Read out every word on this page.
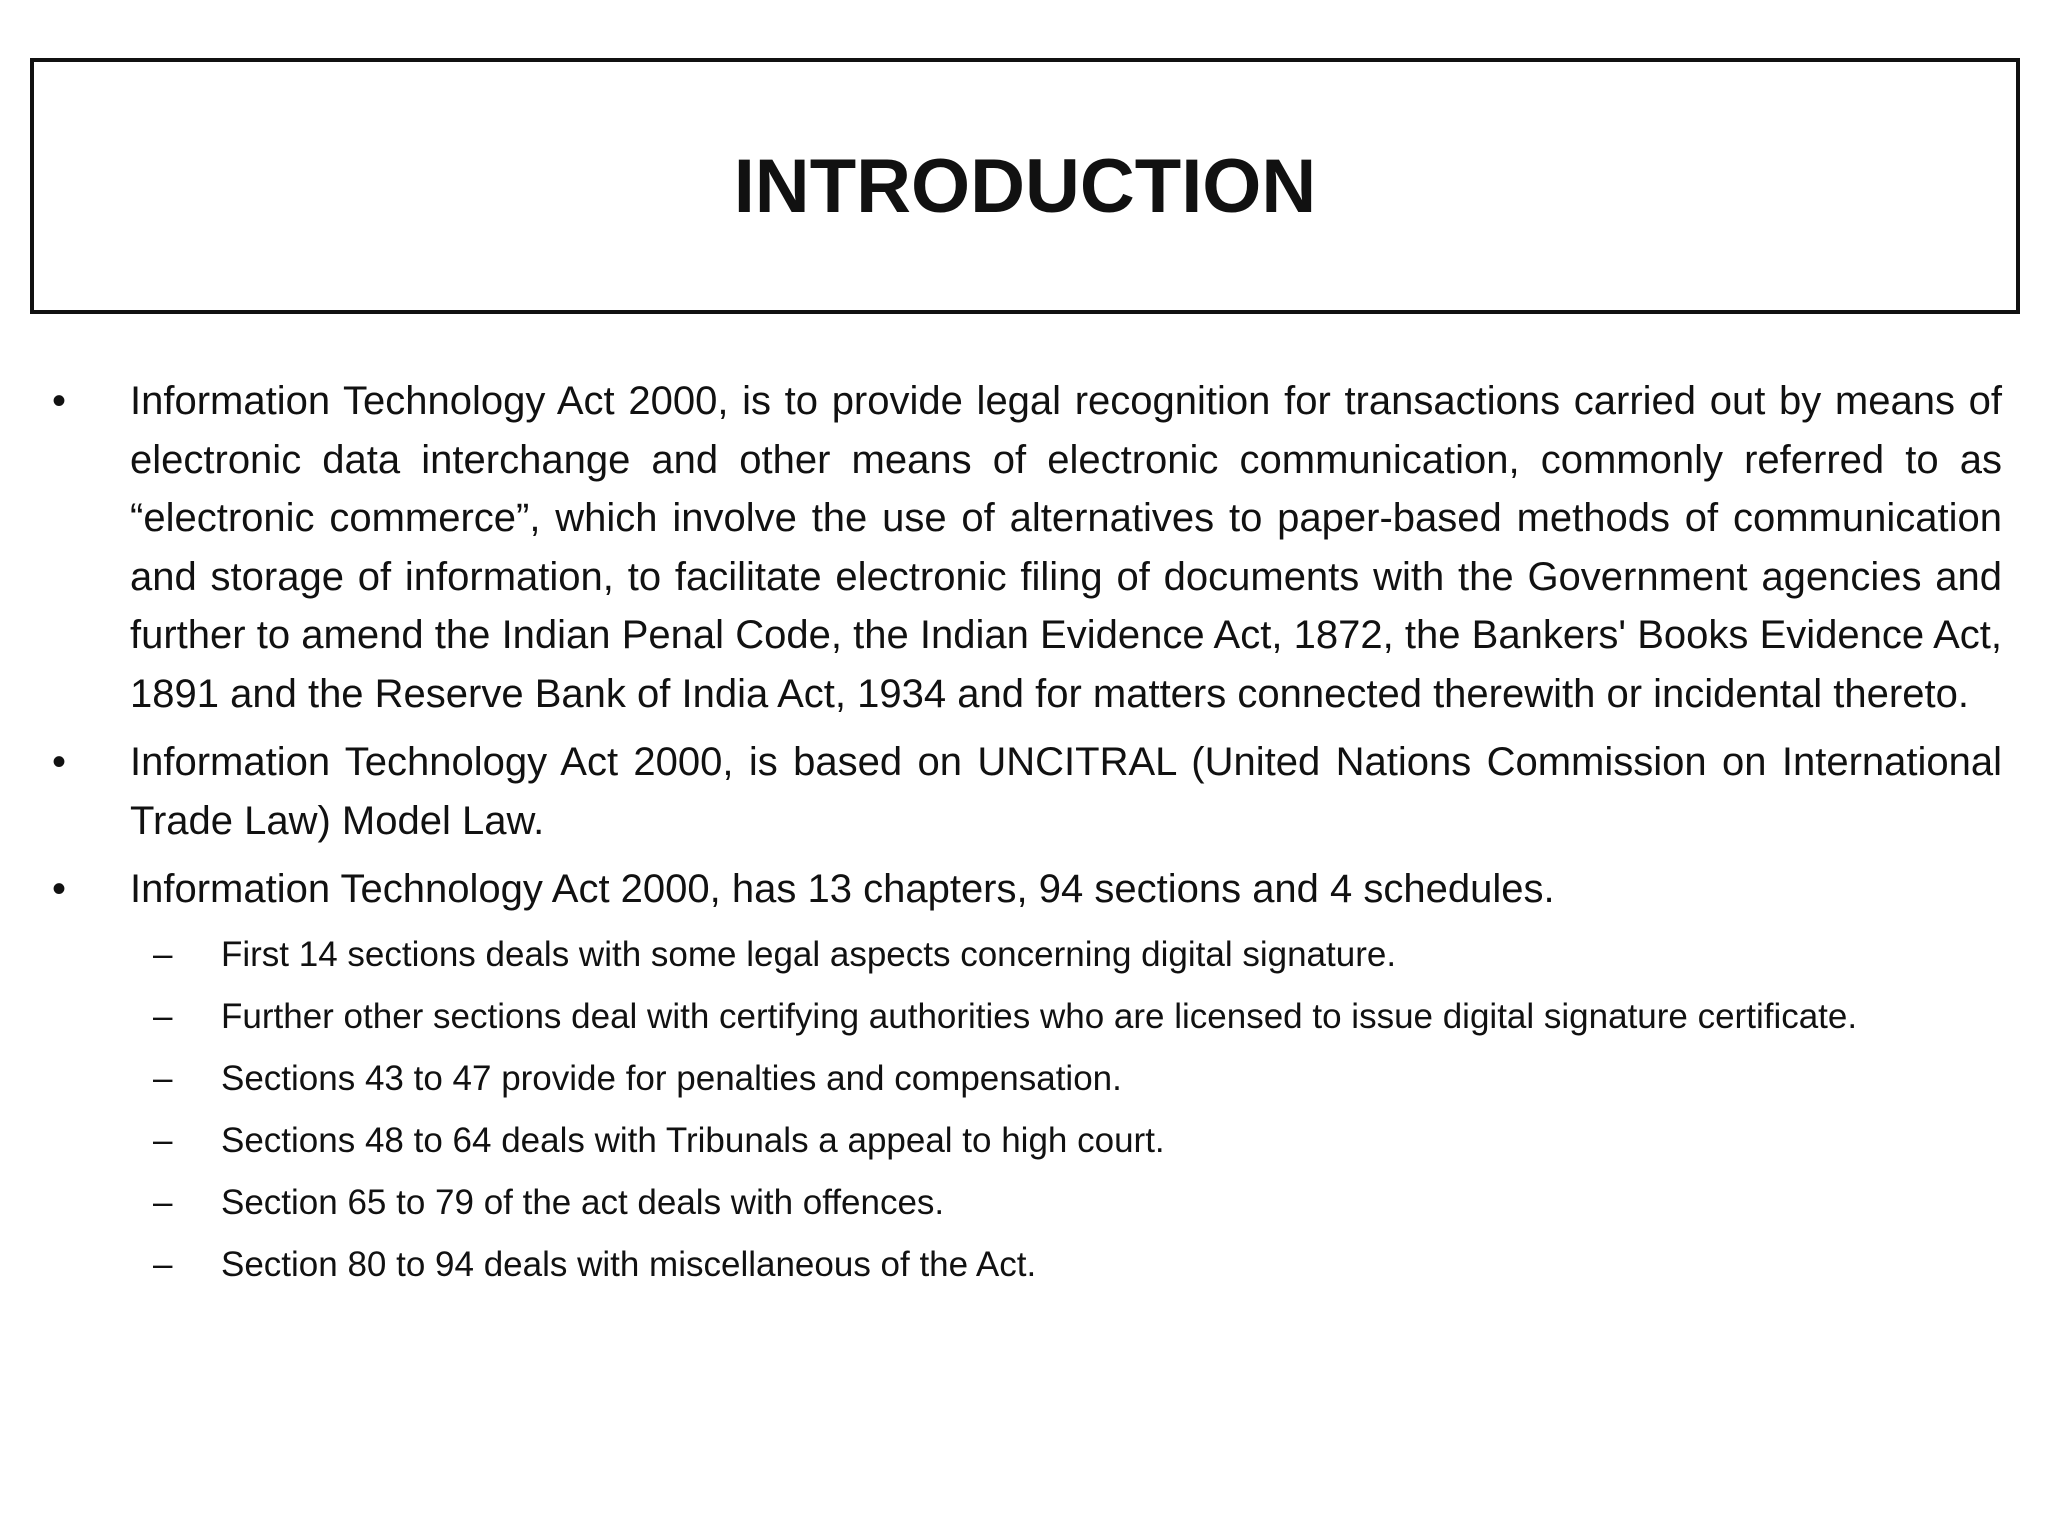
INTRODUCTION
• Information Technology Act 2000, is to provide legal recognition for transactions carried out by means of electronic data interchange and other means of electronic communication, commonly referred to as “electronic commerce”, which involve the use of alternatives to paper-based methods of communication and storage of information, to facilitate electronic filing of documents with the Government agencies and further to amend the Indian Penal Code, the Indian Evidence Act, 1872, the Bankers' Books Evidence Act, 1891 and the Reserve Bank of India Act, 1934 and for matters connected therewith or incidental thereto.
• Information Technology Act 2000, is based on UNCITRAL (United Nations Commission on International Trade Law) Model Law.
• Information Technology Act 2000, has 13 chapters, 94 sections and 4 schedules.
– First 14 sections deals with some legal aspects concerning digital signature.
– Further other sections deal with certifying authorities who are licensed to issue digital signature certificate.
– Sections 43 to 47 provide for penalties and compensation.
– Sections 48 to 64 deals with Tribunals a appeal to high court.
– Section 65 to 79 of the act deals with offences.
– Section 80 to 94 deals with miscellaneous of the Act.
